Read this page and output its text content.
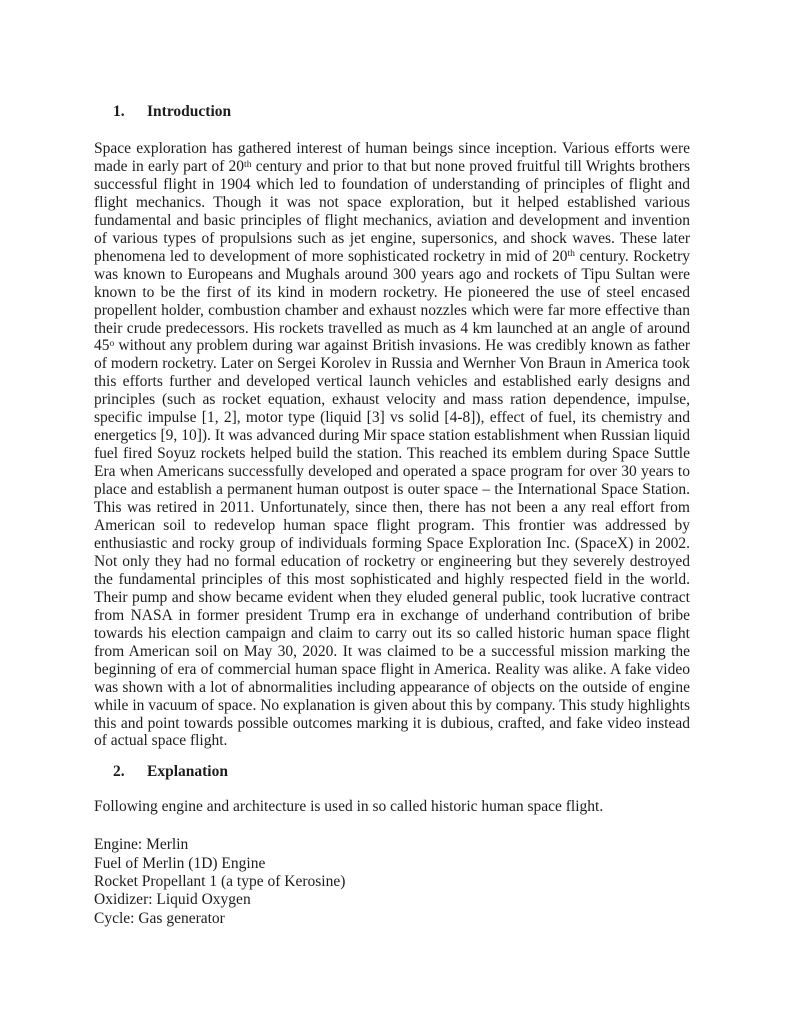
1. Introduction

Space exploration has gathered interest of human beings since inception. Various efforts were made in early part of 20th century and prior to that but none proved fruitful till Wrights brothers successful flight in 1904 which led to foundation of understanding of principles of flight and flight mechanics. Though it was not space exploration, but it helped established various fundamental and basic principles of flight mechanics, aviation and development and invention of various types of propulsions such as jet engine, supersonics, and shock waves. These later phenomena led to development of more sophisticated rocketry in mid of 20th century. Rocketry was known to Europeans and Mughals around 300 years ago and rockets of Tipu Sultan were known to be the first of its kind in modern rocketry. He pioneered the use of steel encased propellent holder, combustion chamber and exhaust nozzles which were far more effective than their crude predecessors. His rockets travelled as much as 4 km launched at an angle of around 45$^o$ without any problem during war against British invasions. He was credibly known as father of modern rocketry. Later on Sergei Korolev in Russia and Wernher Von Braun in America took this efforts further and developed vertical launch vehicles and established early designs and principles (such as rocket equation, exhaust velocity and mass ration dependence, impulse, specific impulse [1, 2], motor type (liquid [3] vs solid [4-8]), effect of fuel, its chemistry and energetics [9, 10]). It was advanced during Mir space station establishment when Russian liquid fuel fired Soyuz rockets helped build the station. This reached its emblem during Space Suttle Era when Americans successfully developed and operated a space program for over 30 years to place and establish a permanent human outpost is outer space – the International Space Station. This was retired in 2011. Unfortunately, since then, there has not been a any real effort from American soil to redevelop human space flight program. This frontier was addressed by enthusiastic and rocky group of individuals forming Space Exploration Inc. (SpaceX) in 2002. Not only they had no formal education of rocketry or engineering but they severely destroyed the fundamental principles of this most sophisticated and highly respected field in the world. Their pump and show became evident when they eluded general public, took lucrative contract from NASA in former president Trump era in exchange of underhand contribution of bribe towards his election campaign and claim to carry out its so called historic human space flight from American soil on May 30, 2020. It was claimed to be a successful mission marking the beginning of era of commercial human space flight in America. Reality was alike. A fake video was shown with a lot of abnormalities including appearance of objects on the outside of engine while in vacuum of space. No explanation is given about this by company. This study highlights this and point towards possible outcomes marking it is dubious, crafted, and fake video instead of actual space flight.

2. Explanation

Following engine and architecture is used in so called historic human space flight.

Engine: Merlin
Fuel of Merlin (1D) Engine
Rocket Propellant 1 (a type of Kerosine)
Oxidizer: Liquid Oxygen
Cycle: Gas generator
